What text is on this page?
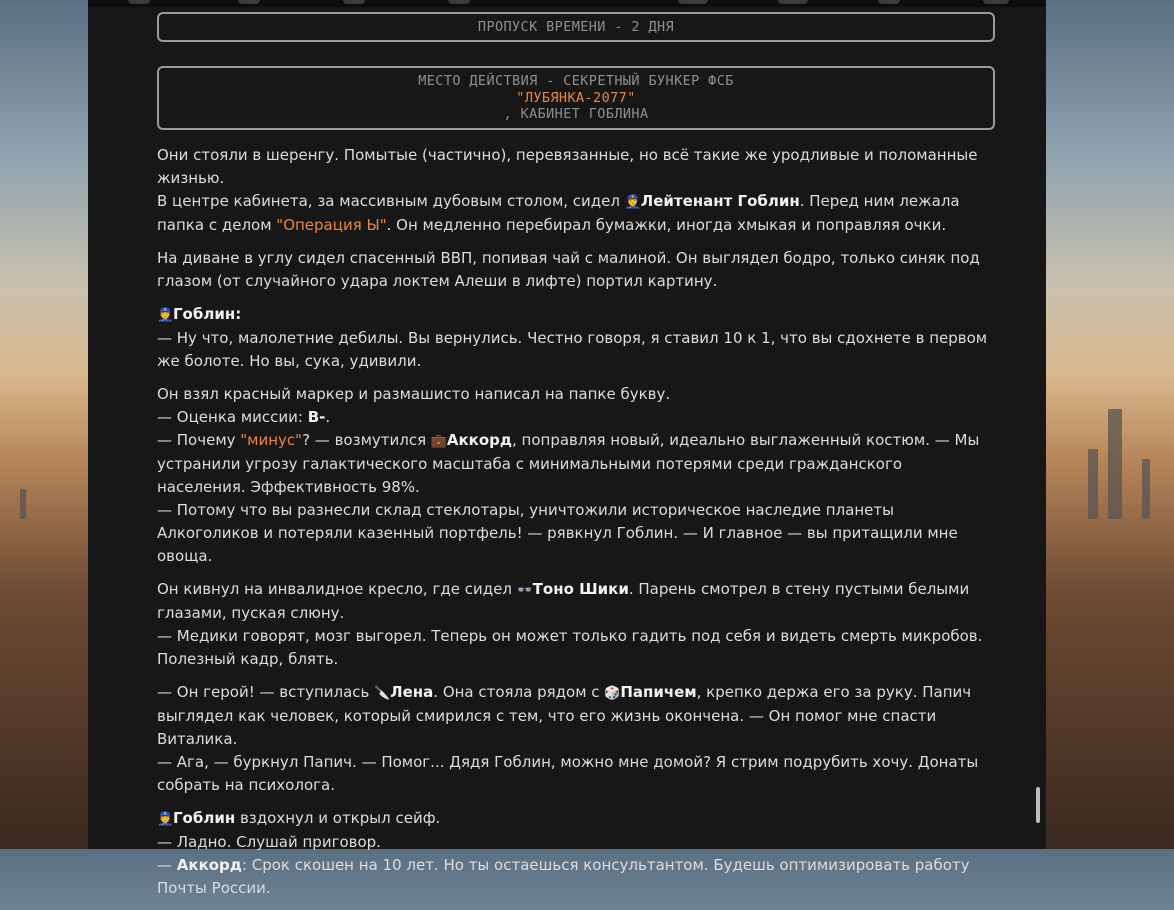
ПРОПУСК ВРЕМЕНИ - 2 ДНЯ
МЕСТО ДЕЙСТВИЯ - СЕКРЕТНЫЙ БУНКЕР ФСБ
"ЛУБЯНКА-2077"
, КАБИНЕТ ГОБЛИНА

Они стояли в шеренгу. Помытые (частично), перевязанные, но всё такие же уродливые и поломанные жизнью.
В центре кабинета, за массивным дубовым столом, сидел 👮Лейтенант Гоблин. Перед ним лежала папка с делом "Операция Ы". Он медленно перебирал бумажки, иногда хмыкая и поправляя очки.

На диване в углу сидел спасенный ВВП, попивая чай с малиной. Он выглядел бодро, только синяк под глазом (от случайного удара локтем Алеши в лифте) портил картину.

👮Гоблин:
— Ну что, малолетние дебилы. Вы вернулись. Честно говоря, я ставил 10 к 1, что вы сдохнете в первом же болоте. Но вы, сука, удивили.

Он взял красный маркер и размашисто написал на папке букву.
— Оценка миссии: B-.
— Почему "минус"? — возмутился 💼Аккорд, поправляя новый, идеально выглаженный костюм. — Мы устранили угрозу галактического масштаба с минимальными потерями среди гражданского населения. Эффективность 98%.
— Потому что вы разнесли склад стеклотары, уничтожили историческое наследие планеты Алкоголиков и потеряли казенный портфель! — рявкнул Гоблин. — И главное — вы притащили мне овоща.

Он кивнул на инвалидное кресло, где сидел 👓Тоно Шики. Парень смотрел в стену пустыми белыми глазами, пуская слюну.
— Медики говорят, мозг выгорел. Теперь он может только гадить под себя и видеть смерть микробов. Полезный кадр, блять.

— Он герой! — вступилась 🔪Лена. Она стояла рядом с 🎲Папичем, крепко держа его за руку. Папич выглядел как человек, который смирился с тем, что его жизнь окончена. — Он помог мне спасти Виталика.
— Ага, — буркнул Папич. — Помог... Дядя Гоблин, можно мне домой? Я стрим подрубить хочу. Донаты собрать на психолога.

👮Гоблин вздохнул и открыл сейф.
— Ладно. Слушай приговор.
— Аккорд: Срок скошен на 10 лет. Но ты остаешься консультантом. Будешь оптимизировать работу Почты России.
